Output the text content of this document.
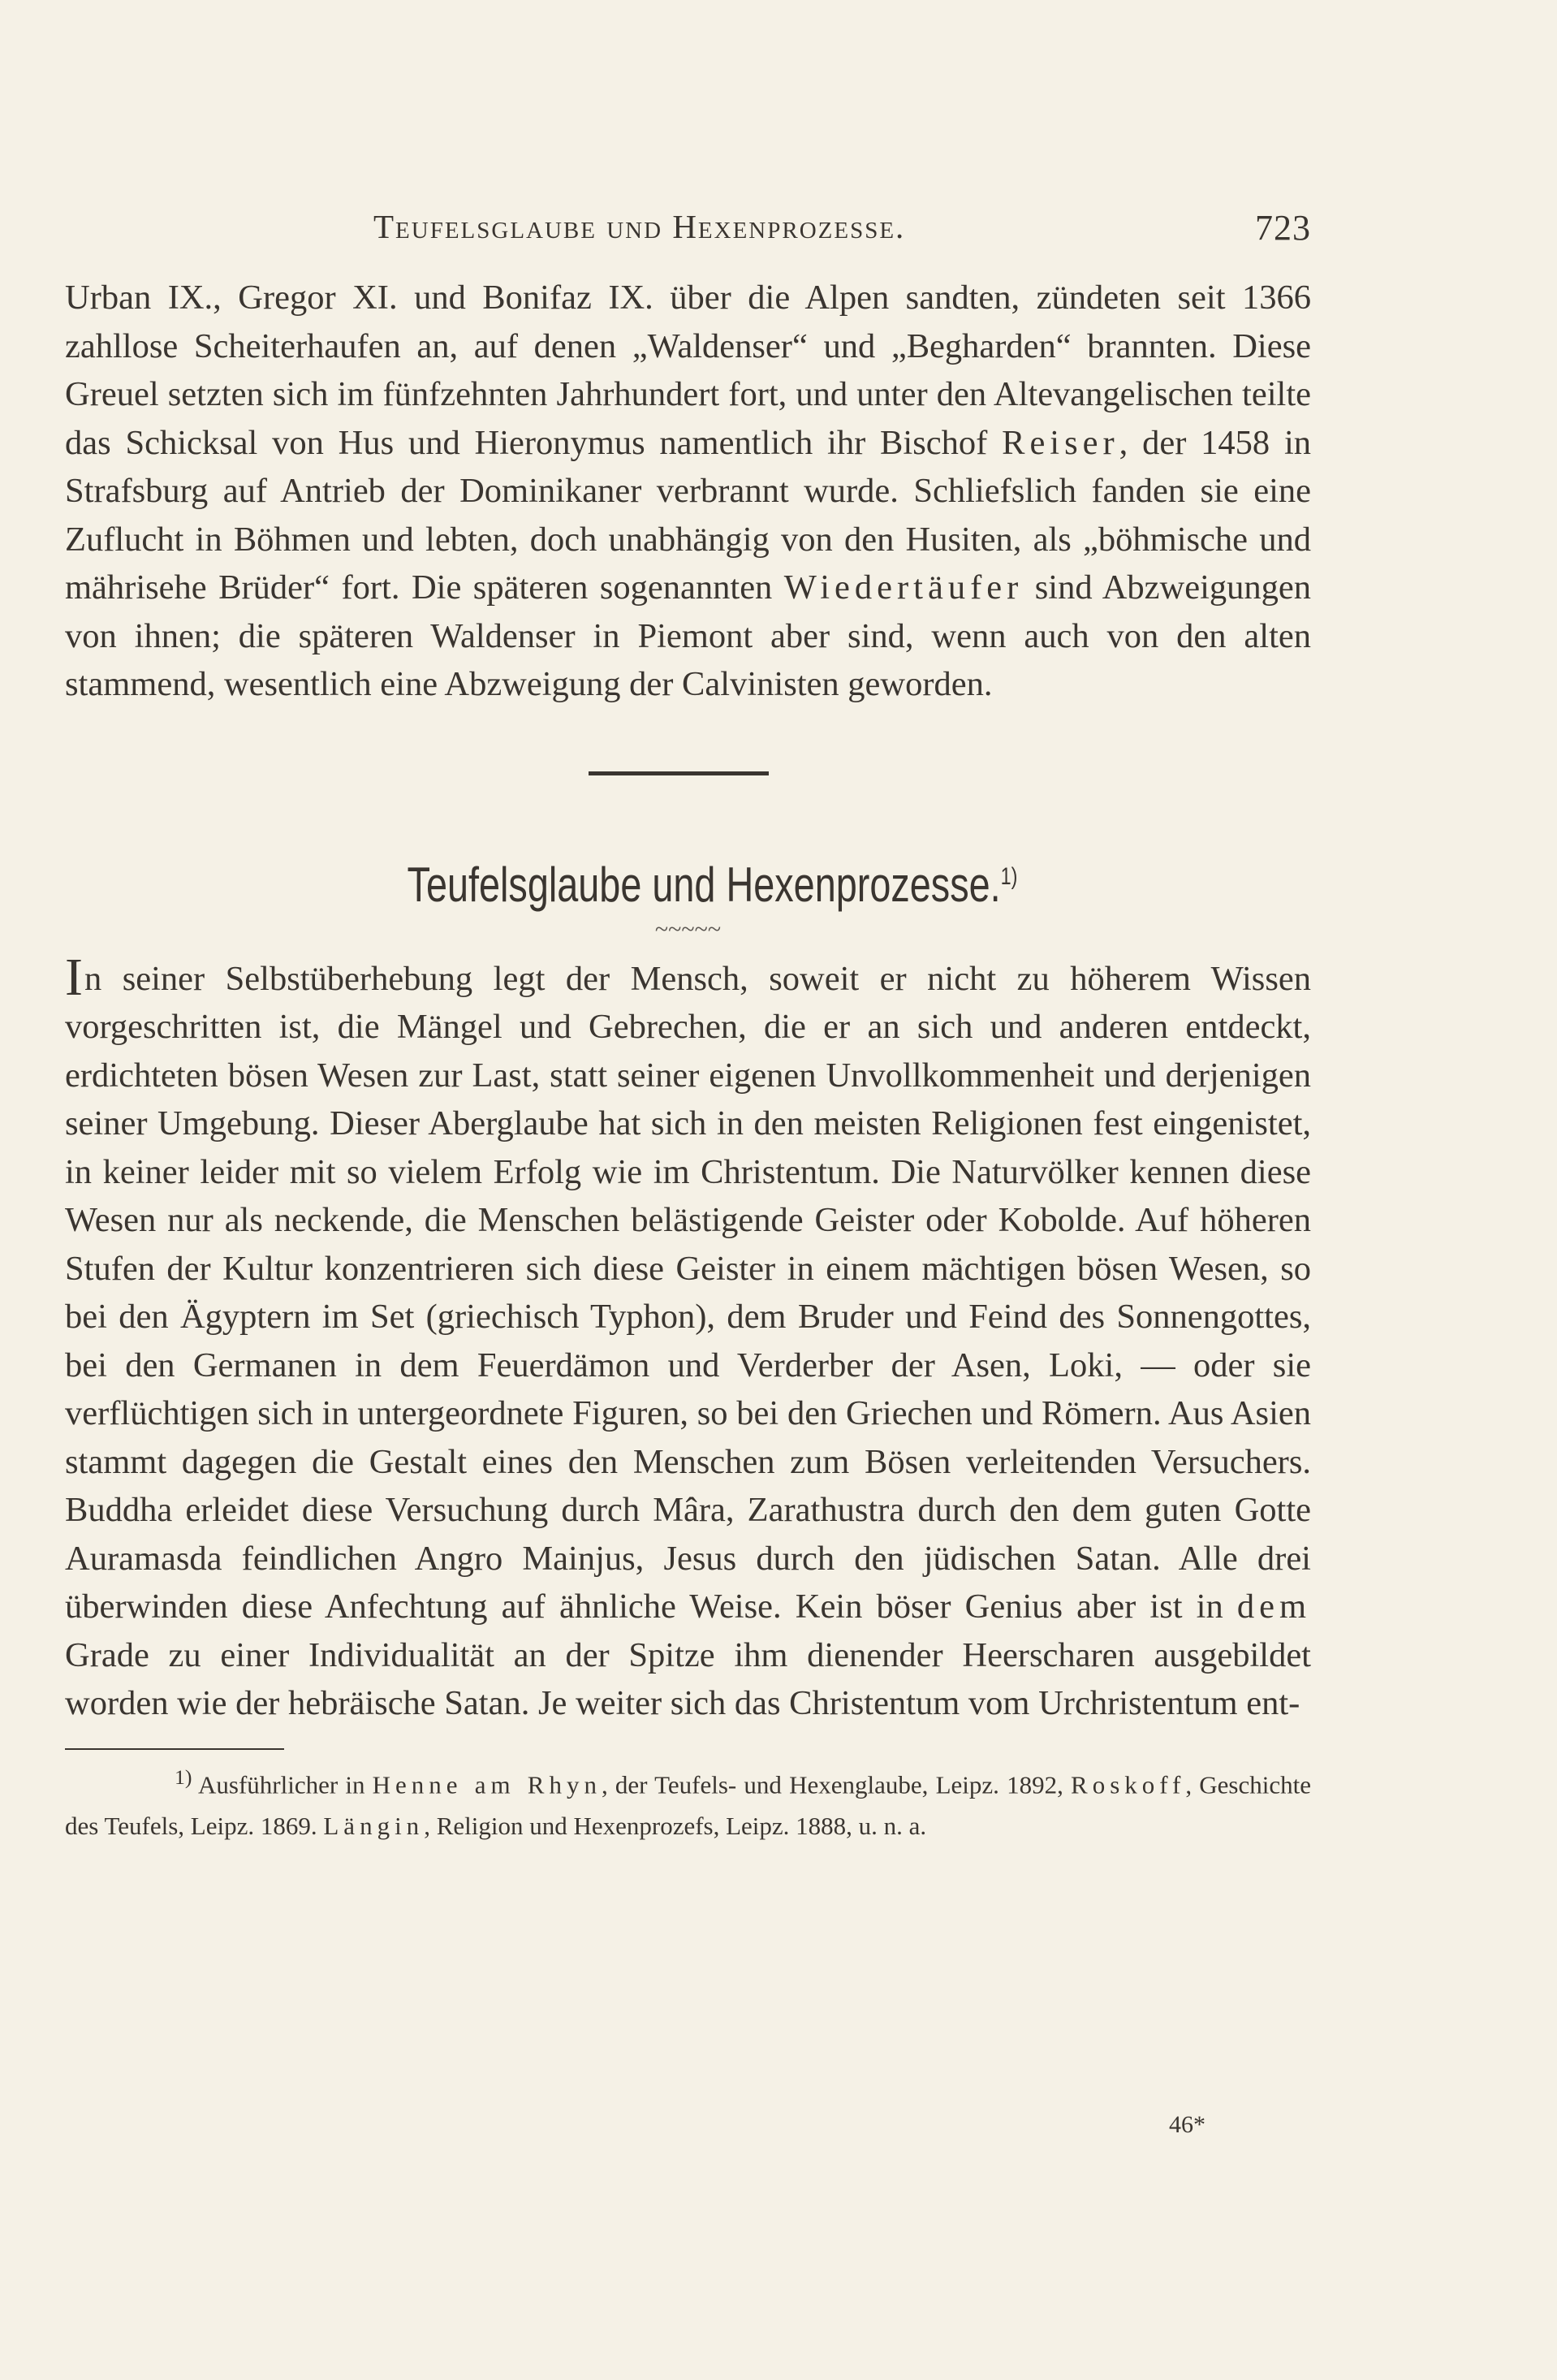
Teufelsglaube und Hexenprozesse.	723

Urban IX., Gregor XI. und Bonifaz IX. über die Alpen sandten, zündeten seit 1366 zahllose Scheiterhaufen an, auf denen „Waldenser“ und „Begharden“ brannten. Diese Greuel setzten sich im fünfzehnten Jahrhundert fort, und unter den Altevangelischen teilte das Schicksal von Hus und Hieronymus namentlich ihr Bischof Reiser, der 1458 in Strafsburg auf Antrieb der Dominikaner verbrannt wurde. Schliefslich fanden sie eine Zuflucht in Böhmen und lebten, doch unabhängig von den Husiten, als „böhmische und mährisehe Brüder“ fort. Die späteren sogenannten Wiedertäufer sind Abzweigungen von ihnen; die späteren Waldenser in Piemont aber sind, wenn auch von den alten stammend, wesentlich eine Abzweigung der Calvinisten geworden.

Teufelsglaube und Hexenprozesse.$^{1)}$
~~~~~

In seiner Selbstüberhebung legt der Mensch, soweit er nicht zu höherem Wissen vorgeschritten ist, die Mängel und Gebrechen, die er an sich und anderen entdeckt, erdichteten bösen Wesen zur Last, statt seiner eigenen Unvollkommenheit und derjenigen seiner Umgebung. Dieser Aberglaube hat sich in den meisten Religionen fest eingenistet, in keiner leider mit so vielem Erfolg wie im Christentum. Die Naturvölker kennen diese Wesen nur als neckende, die Menschen belästigende Geister oder Kobolde. Auf höheren Stufen der Kultur konzentrieren sich diese Geister in einem mächtigen bösen Wesen, so bei den Ägyptern im Set (griechisch Typhon), dem Bruder und Feind des Sonnengottes, bei den Germanen in dem Feuerdämon und Verderber der Asen, Loki, — oder sie verflüchtigen sich in untergeordnete Figuren, so bei den Griechen und Römern. Aus Asien stammt dagegen die Gestalt eines den Menschen zum Bösen verleitenden Versuchers. Buddha erleidet diese Versuchung durch Mâra, Zarathustra durch den dem guten Gotte Auramasda feindlichen Angro Mainjus, Jesus durch den jüdischen Satan. Alle drei überwinden diese Anfechtung auf ähnliche Weise. Kein böser Genius aber ist in dem Grade zu einer Individualität an der Spitze ihm dienender Heerscharen ausgebildet worden wie der hebräische Satan. Je weiter sich das Christentum vom Urchristentum ent-

$^{1)}$ Ausführlicher in Henne am Rhyn, der Teufels- und Hexenglaube, Leipz. 1892, Roskoff, Geschichte des Teufels, Leipz. 1869. Längin, Religion und Hexenprozefs, Leipz. 1888, u. n. a.

46*
